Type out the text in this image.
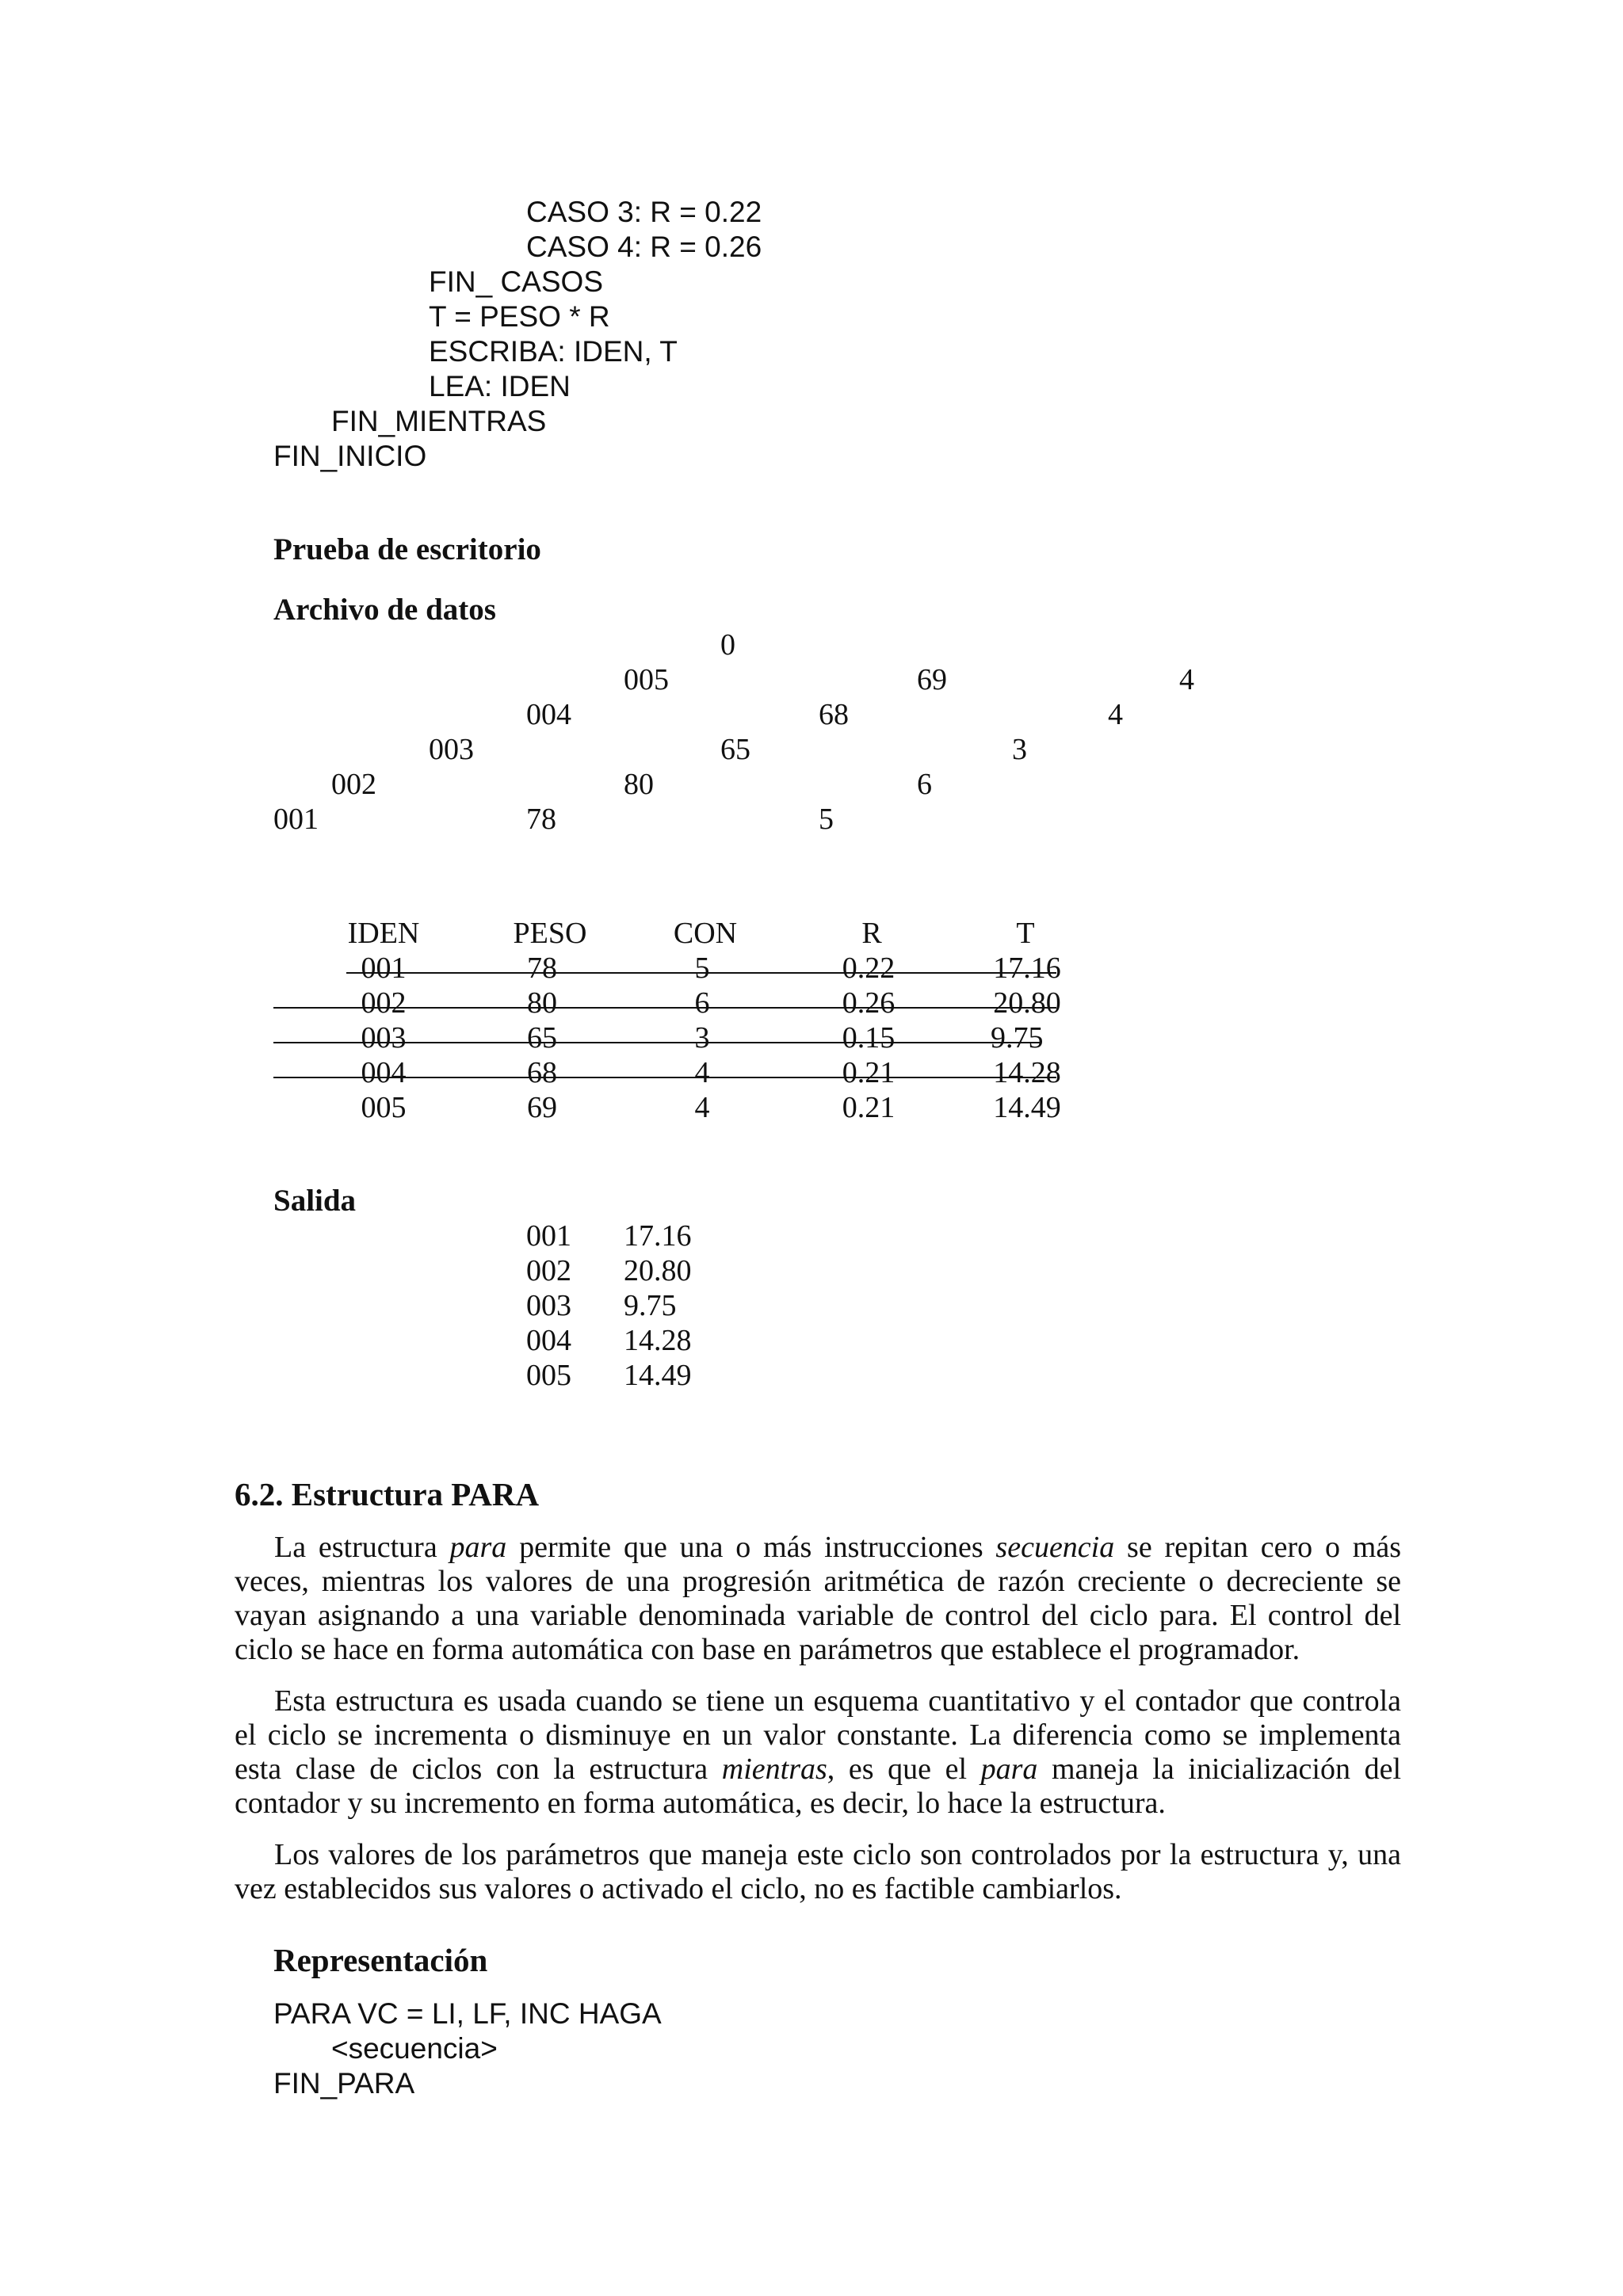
CASO 3: R = 0.22
CASO 4: R = 0.26
FIN_ CASOS
T = PESO * R
ESCRIBA: IDEN, T
LEA: IDEN
FIN_MIENTRAS
FIN_INICIO
Prueba de escritorio
Archivo de datos
0
005	69	4
004	68	4
003	65	3
002	80	6
001	78	5
IDEN	PESO	CON	R	T
001	78	5	0.22	17.16
002	80	6	0.26	20.80
003	65	3	0.15	9.75
004	68	4	0.21	14.28
005	69	4	0.21	14.49
Salida
001 17.16
002 20.80
003 9.75
004 14.28
005 14.49
6.2. Estructura PARA

La estructura para permite que una o más instrucciones secuencia se repitan cero o más veces, mientras los valores de una progresión aritmética de razón creciente o decreciente se vayan asignando a una variable denominada variable de control del ciclo para. El control del ciclo se hace en forma automática con base en parámetros que establece el programador.

Esta estructura es usada cuando se tiene un esquema cuantitativo y el contador que controla el ciclo se incrementa o disminuye en un valor constante. La diferencia como se implementa esta clase de ciclos con la estructura mientras, es que el para maneja la inicialización del contador y su incremento en forma automática, es decir, lo hace la estructura.

Los valores de los parámetros que maneja este ciclo son controlados por la estructura y, una vez establecidos sus valores o activado el ciclo, no es factible cambiarlos.

Representación
PARA VC = LI, LF, INC HAGA
<secuencia>
FIN_PARA
